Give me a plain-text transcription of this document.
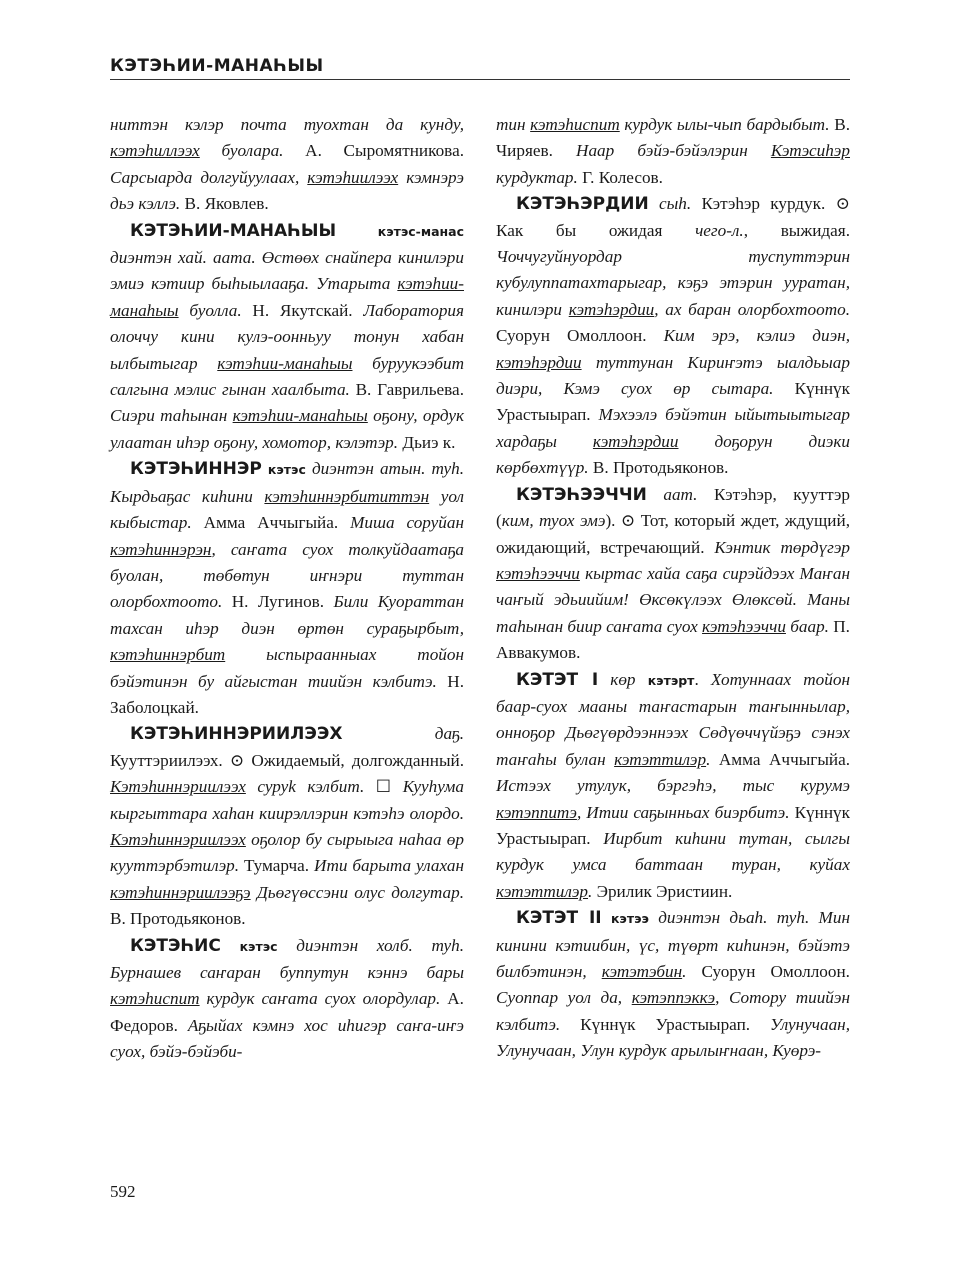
КЭТЭҺИИ-МАНАҺЫЫ

ниттэн кэлэр почта туохтан да кундy, кэтэһиллээх буолара. А. Сыромятникова. Сарсыарда долгуйуулаах, кэтэһиилээх кэмнэрэ дьэ кэллэ. В. Яковлев.

КЭТЭҺИИ-МАНАҺЫЫ	кэтэс-манас диэнтэн хай. аата. Өстөөх снайпера кинилэри эмиэ кэтиир быһыылааҕа. Утарыта кэтэһии-манаһыы буолла. Н. Якутскай. Лаборатория олоччу кини кулэ-оонньуу тонун хабан ылбытыгар кэтэһии-манаһыы буруукээбит салгына мэлис гынан хаалбыта. В. Гаврильева. Сиэри таһынан кэтэһии-манаһыы оҕону, ордук улаатан иһэр оҕону, хомотор, кэлэтэр. Дьиэ к.

КЭТЭҺИННЭР кэтэс диэнтэн атын. туһ. Кырдьаҕас киһини кэтэһиннэрбититтэн уол кыбыстар. Амма Аччыгыйа. Миша соруйан кэтэһиннэрэн, саҥата суох толкуйдаатаҕа буолан, төбөтун иҥнэри туттан олорбохтоото. Н. Лугинов. Били Куораттан тахсан иһэр диэн өртөн сураҕырбыт, кэтэһиннэрбит ыспыраанныах тойон бэйэтинэн бу айгыстан тиийэн кэлбитэ. Н. Заболоцкай.

КЭТЭҺИННЭРИИЛЭЭХ даҕ. Кууттэриилээх. ⊙ Ожидаемый, долгожданный. Кэтэһиннэриилээх суруk кэлбит. ☐ Кууһума кыргыттара хаһан киирэллэрин кэтэһэ олордо. Кэтэһиннэриилээх оҕолор бу сырыыга наһаа өр кууттэрбэтилэр. Тумарча. Ити барыта улахан кэтэһиннэриилээҕэ Дьөгүөссэни олус долгутар. В. Протодьяконов.

КЭТЭҺИС кэтэс диэнтэн холб. туһ. Бурнашев саҥаран буппутун кэннэ бары кэтэһиспит курдук саҥата суох олордулар. А. Федоров. Аҕыйах кэмнэ хос иһигэр саҥа-иҥэ суох, бэйэ-бэйэби-

тин кэтэһиспит курдук ылы-чып бардыбыт. В. Чиряев. Наар бэйэ-бэйэлэрин Кэтэсиһэр курдуктар. Г. Колесов.

КЭТЭҺЭРДИИ сыһ. Кэтэһэр курдук. ⊙ Как бы ожидая чего-л., выжидая. Чоччугуйнуордар туспуттэрин кубулуппатахтарыгар, кэҕэ этэрин ууратан, кинилэри кэтэһэрдии, ах баран олорбохтоото. Суорун Омоллоон. Ким эрэ, кэлиэ диэн, кэтэһэрдии туттунан Кириҥэтэ ыалдьыар диэри, Кэмэ суох өр сытара. Күннүк Урастыырап. Мэхээлэ бэйэтин ыйытыытыгар хардаҕы кэтэһэрдии доҕорун диэки көрбөхтүүр. В. Протодьяконов.

КЭТЭҺЭЭЧЧИ аат. Кэтэһэр, кууттэр (ким, туох эмэ). ⊙ Тот, который ждет, ждущий, ожидающий, встречающий. Кэнтик төрдүгэр кэтэһээччи кыртас хайа саҕа сирэйдээх Маҥан чаҥый эдьиийим! Өксөкүлээх Өлөксөй. Маны таһынан биир саҥата суох кэтэһээччи баар. П. Аввакумов.

КЭТЭТ I көр кэтэрт. Хотуннаах тойон баар-суох мааны таҥастарын таҥыннылар, онноҕор Дьөгүөрдээннээх Сөдүөччүйэҕэ сэнэх таҥаһы булан кэтэттилэр. Амма Аччыгыйа. Истээх утулук, бэргэһэ, тыс курумэ кэтэппитэ, Итии саҕынньах биэрбитэ. Күннүк Урастыырап. Иирбит киһини тутан, сылгы курдук умса баттаан туран, куйах кэтэттилэр. Эрилик Эристиин.

КЭТЭТ II кэтээ диэнтэн дьаһ. туһ. Мин кинини кэтиибин, үс, түөрт киһинэн, бэйэтэ билбэтинэн, кэтэтэбин. Суорун Омоллоон. Суоппар уол да, кэтэппэккэ, Сотору тиийэн кэлбитэ. Күннүк Урастыырап. Улунучаан, Улунучаан, Улун курдук арылыҥнаан, Куөрэ-

592
